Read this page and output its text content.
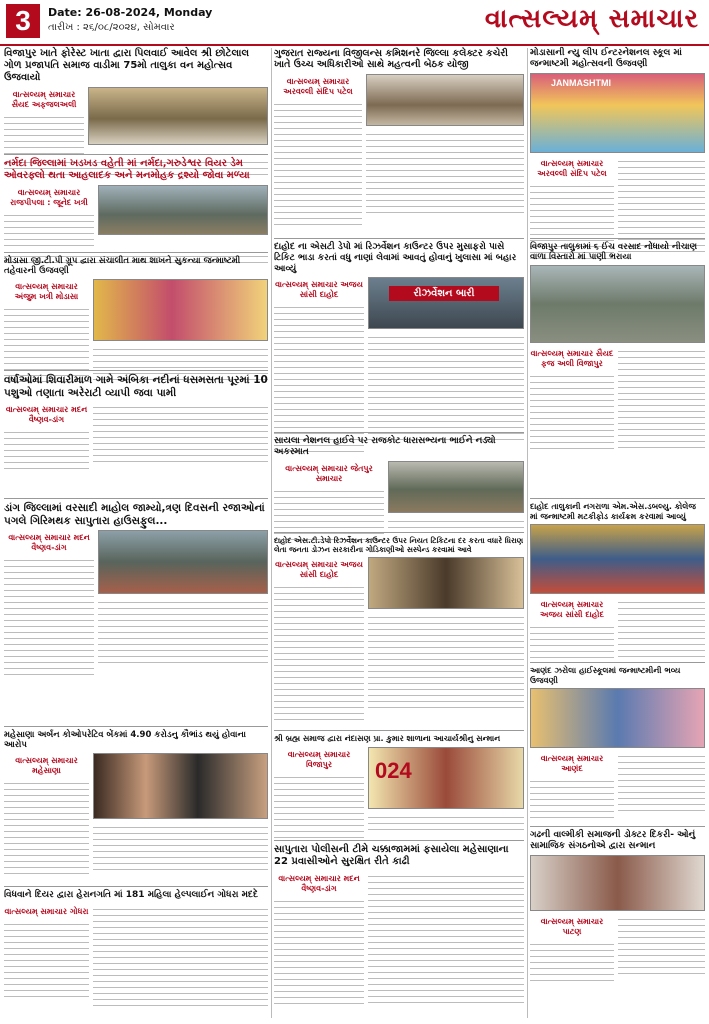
3	Date: 26-08-2024, Monday
તારીખ : ૨૬/૦૮/૨૦૨૪, સોમવાર	વાત્સલ્યમ્ સમાચાર

વિજાપુર ખાતે ફોરેસ્ટ ખાતા દ્વારા પિલવાઈ આવેલ શ્રી છોટેલાલ ગોળ પ્રજાપતિ સમાજ વાડીમા 75મો તાલુકા વન મહોત્સવ ઉજવાયો

વાત્સલ્યમ્ સમાચાર સૈયદ અફજલઅલી

નર્મદા જિલ્લામાં ખડખડ વહેતી માં નર્મદા,ગરુડેશ્વર વિયર ડેમ ઓવરફ્લો થતા આહલાદક અને મનમોહક દ્રશ્યો જોવા મળ્યા

વાત્સલ્યમ્ સમાચાર રાજપીપલા : જૂનેદ ખત્રી

મોડાસા જી.ટી.પી ગ્રૂપ દ્વારા સંચાલીત માથ શાખને સુકન્યા જન્માષ્ટમી તહેવારની ઉજવણી

વાત્સલ્યમ્ સમાચાર અંજુમ ખત્રી મોડાસા

વર્ષાઓમાં શિવારીમાળ ગામે અંબિકા નદીનાં ધસમસતા પૂરમાં 10 પશુઓ તણાતા અરેરાટી વ્યાપી જવા પામી

વાત્સલ્યમ્ સમાચાર મદન વૈષ્ણવ-ડાંગ

ડાંગ જિલ્લામાં વરસાદી માહોલ જામ્યો,ત્રણ દિવસની રજાઓનાં પગલે ગિરિમથક સાપુતારા હાઉસફુલ...

વાત્સલ્યમ્ સમાચાર મદન વૈષ્ણવ-ડાંગ

મહેસાણા અર્બન કોઓપરેટિવ બેંકમાં 4.90 કરોડનુ કૌભાંડ થયું હોવાના આરોપ

વાત્સલ્યમ્ સમાચાર મહેસાણા

વિધવાને દિયર દ્વારા હેરાનગતિ માં 181 મહિલા હેલ્પલાઈન ગોધરા મદદે

વાત્સલ્યમ્ સમાચાર ગોધરા

ગુજરાત રાજ્યના વિજીલન્સ કમિશનરે જિલ્લા કલેક્ટર કચેરી ખાતે ઉચ્ચ અધિકારીઓ સાથે મહત્વની બેઠક યોજી

વાત્સલ્યમ્ સમાચાર અરવલ્લી સંદિપ પટેલ

દાહોદ ના એસટી ડેપો માં રિઝર્વેશન કાઉન્ટર ઉપર મુસાફરો પાસે ટિકિટ ભાડા કરતાં વધુ નાણાં લેવામાં આવતું હોવાનું ખુલાસા માં બહાર આવ્યું

વાત્સલ્યમ્ સમાચાર અજય સાંસી દાહોદ	રીઝર્વેશન બારી

સાયલા નેશનલ હાઈવે પર રાજકોટ ધારાસભ્યના ભાઈને નડ્યો અકસ્માત

વાત્સલ્યમ્ સમાચાર જેતપુર સમાચાર

દાહોદ એસ.ટી.ડેપો રિઝર્વેશન કાઉન્ટર ઉપર નિયત ટિકિટના દર કરતા વધારે ધિરાણ લેતા જનતા ડોઝન સરકારીના ગોડિકાણીઓ સસ્પેન્ડ કરવામાં આવે

વાત્સલ્યમ્ સમાચાર અજય સાંસી દાહોદ

શ્રી બ્રહ્મ સમાજ દ્વારા નંદાસણ પ્રા. કુમાર શાળાના આચાર્યશ્રીનુ સન્માન

વાત્સલ્યમ્ સમાચાર વિજાપુર	024

સાપુતારા પોલીસની ટીમે ચક્કાજામમાં ફસાયેલા મહેસાણાના 22 પ્રવાસીઓને સુરક્ષિત રીતે કાઢી

વાત્સલ્યમ્ સમાચાર મદન વૈષ્ણવ-ડાંગ

મોડાસાની ન્યુ લીપ ઈન્ટરનેશનલ સ્કૂલ માં જન્માષ્ટમી મહોત્સવની ઉજવણી

JANMASHTMI
વાત્સલ્યમ્ સમાચાર અરવલ્લી સંદિપ પટેલ

વિજાપુર તાલુકામાં ૬ ઈંચ વરસાદ નોંધાયો નીચાણ વાળા વિસ્તારો માં પાણી ભરાયા

વાત્સલ્યમ્ સમાચાર સૈયદ ફજ અલી વિજાપુર

દાહોદ તાલુકાની નગરાળા એમ.એસ.ડબલ્યુ. કોલેજ માં જન્માષ્ટમી મટકીફોડ કાર્યક્રમ કરવામાં આવ્યું

વાત્સલ્યમ્ સમાચાર અજય સાંસી દાહોદ

આણંદ ઝરોલા હાઈસ્કૂલમાં જન્માષ્ટમીની ભવ્ય ઉજવણી

વાત્સલ્યમ્ સમાચાર આણંદ

ગઢની વાલ્મીકી સમાજની ડોક્ટર દિકરી- ઓનું સામાજિક સંગઠનોએ દ્વારા સન્માન

વાત્સલ્યમ્ સમાચાર પાટણ
